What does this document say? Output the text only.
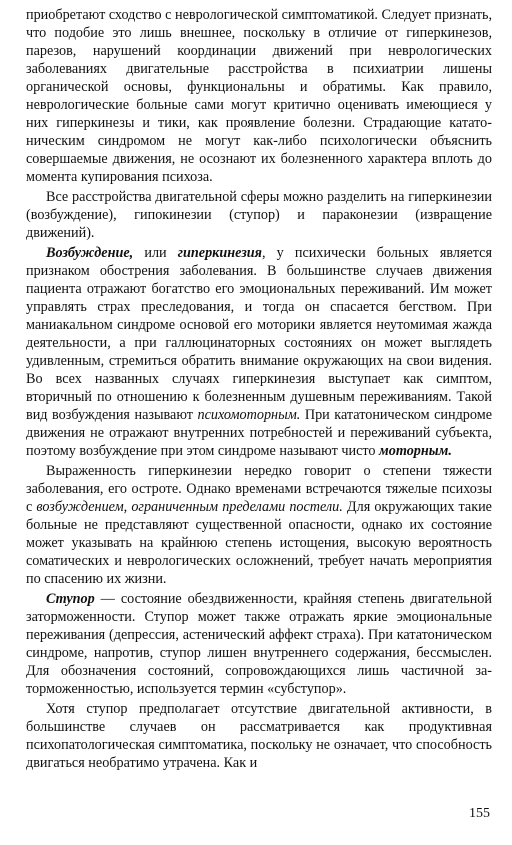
приобретают сходство с неврологической симптоматикой. Следует признать, что подобие это лишь внешнее, поскольку в отличие от гиперкинезов, парезов, нарушений координации движений при неврологических заболеваниях двигательные расстройства в психиатрии лишены органической основы, функциональны и обратимы. Как правило, неврологические больные сами могут критично оценивать имеющиеся у них гиперкинезы и тики, как проявление болезни. Страдающие кататоническим синдромом не могут как-либо психологически объяснить совершаемые движения, не осознают их болезненного характера вплоть до момента купирования психоза.

Все расстройства двигательной сферы можно разделить на гиперкинезии (возбуждение), гипокинезии (ступор) и параконезии (извращение движений).

Возбуждение, или гиперкинезия, у психически больных является признаком обострения заболевания. В большинстве случаев движения пациента отражают богатство его эмоциональных переживаний. Им может управлять страх преследования, и тогда он спасается бегством. При маниакальном синдроме основой его моторики является неутомимая жажда деятельности, а при галлюцинаторных состояниях он может выглядеть удивленным, стремиться обратить внимание окружающих на свои видения. Во всех названных случаях гиперкинезия выступает как симптом, вторичный по отношению к болезненным душевным переживаниям. Такой вид возбуждения называют психомоторным. При кататоническом синдроме движения не отражают внутренних потребностей и переживаний субъекта, поэтому возбуждение при этом синдроме называют чисто моторным.

Выраженность гиперкинезии нередко говорит о степени тяжести заболевания, его остроте. Однако временами встречаются тяжелые психозы с возбуждением, ограниченным пределами постели. Для окружающих такие больные не представляют существенной опасности, однако их состояние может указывать на крайнюю степень истощения, высокую вероятность соматических и неврологических осложнений, требует начать мероприятия по спасению их жизни.

Ступор — состояние обездвиженности, крайняя степень двигательной заторможенности. Ступор может также отражать яркие эмоциональные переживания (депрессия, астенический аффект страха). При кататоническом синдроме, напротив, ступор лишен внутреннего содержания, бессмыслен. Для обозначения состояний, сопровождающихся лишь частичной заторможенностью, используется термин «субступор».

Хотя ступор предполагает отсутствие двигательной активности, в большинстве случаев он рассматривается как продуктивная психопатологическая симптоматика, поскольку не означает, что способность двигаться необратимо утрачена. Как и

155
